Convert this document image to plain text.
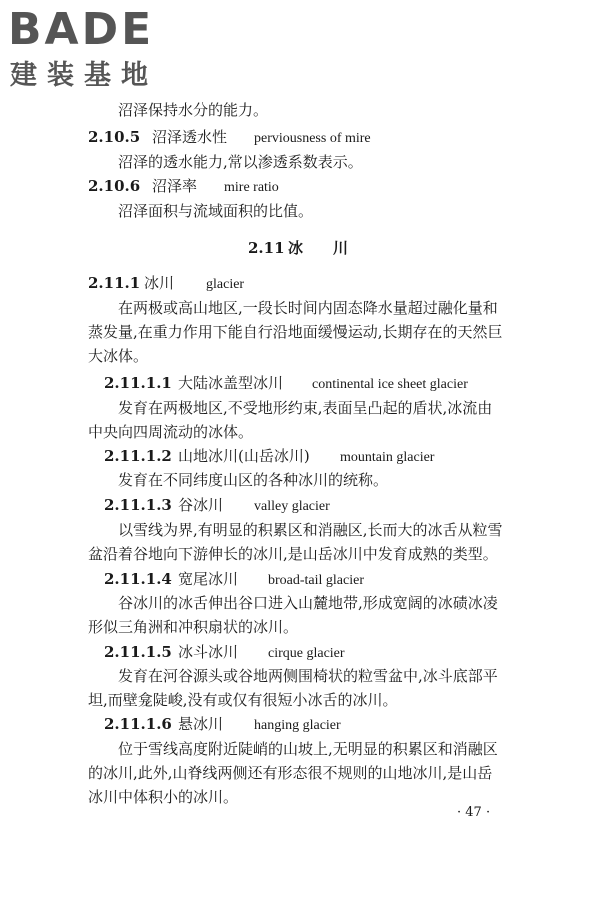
BADE
建装基地
沼泽保持水分的能力。
2.10.5 沼泽透水性 perviousness of mire
沼泽的透水能力,常以渗透系数表示。
2.10.6 沼泽率 mire ratio
沼泽面积与流域面积的比值。
2.11 冰　　川
2.11.1 冰川 glacier
在两极或高山地区,一段长时间内固态降水量超过融化量和
蒸发量,在重力作用下能自行沿地面缓慢运动,长期存在的天然巨
大冰体。
2.11.1.1 大陆冰盖型冰川 continental ice sheet glacier
发育在两极地区,不受地形约束,表面呈凸起的盾状,冰流由
中央向四周流动的冰体。
2.11.1.2 山地冰川(山岳冰川) mountain glacier
发育在不同纬度山区的各种冰川的统称。
2.11.1.3 谷冰川 valley glacier
以雪线为界,有明显的积累区和消融区,长而大的冰舌从粒雪
盆沿着谷地向下游伸长的冰川,是山岳冰川中发育成熟的类型。
2.11.1.4 宽尾冰川 broad-tail glacier
谷冰川的冰舌伸出谷口进入山麓地带,形成宽阔的冰碛冰凌
形似三角洲和冲积扇状的冰川。
2.11.1.5 冰斗冰川 cirque glacier
发育在河谷源头或谷地两侧围椅状的粒雪盆中,冰斗底部平
坦,而壁龛陡峻,没有或仅有很短小冰舌的冰川。
2.11.1.6 悬冰川 hanging glacier
位于雪线高度附近陡峭的山坡上,无明显的积累区和消融区
的冰川,此外,山脊线两侧还有形态很不规则的山地冰川,是山岳
冰川中体积小的冰川。
· 47 ·
